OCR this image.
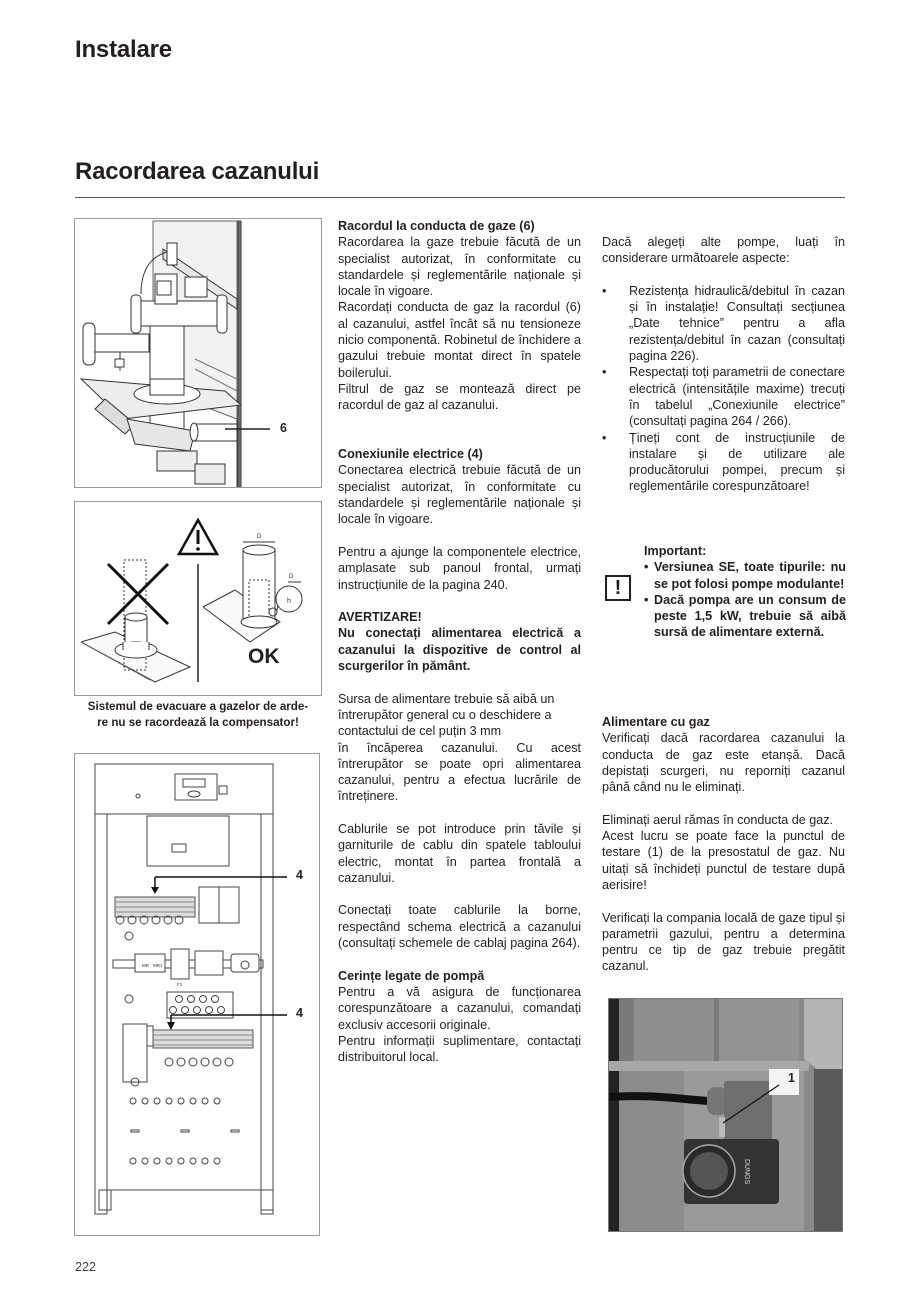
Instalare
Racordarea cazanului
6
D
D
h
OK
Sistemul de evacuare a gazelor de arde-
re nu se racordează la compensator!
MR MR1
F1
4
4

Racordul la conducta de gaze (6)

Racordarea la gaze trebuie făcută de un specialist autorizat, în conformitate cu standardele și reglementările naționale și locale în vigoare.

Racordați conducta de gaz la racordul (6) al cazanului, astfel încât să nu tensioneze nicio componentă. Robinetul de închidere a gazului trebuie montat direct în spatele boilerului.

Filtrul de gaz se montează direct pe racordul de gaz al cazanului.

Conexiunile electrice (4)

Conectarea electrică trebuie făcută de un specialist autorizat, în conformitate cu standardele și reglementările naționale și locale în vigoare.

Pentru a ajunge la componentele electrice, amplasate sub panoul frontal, urmați instrucțiunile de la pagina 240.

AVERTIZARE!

Nu conectați alimentarea electrică a cazanului la dispozitive de control al scurgerilor în pământ.

Sursa de alimentare trebuie să aibă un întrerupător general cu o deschidere a contactului de cel puțin 3 mm

în încăperea cazanului. Cu acest întrerupător se poate opri alimentarea cazanului, pentru a efectua lucrările de întreținere.

Cablurile se pot introduce prin tăvile și garniturile de cablu din spatele tabloului electric, montat în partea frontală a cazanului.

Conectați toate cablurile la borne, respectând schema electrică a cazanului (consultați schemele de cablaj pagina 264).

Cerințe legate de pompă

Pentru a vă asigura de funcționarea corespunzătoare a cazanului, comandați exclusiv accesorii originale.

Pentru informații suplimentare, contactați distribuitorul local.

Dacă alegeți alte pompe, luați în considerare următoarele aspecte:

• Rezistența hidraulică/debitul în cazan și în instalație! Consultați secțiunea „Date tehnice” pentru a afla rezistența/debitul în cazan (consultați pagina 226).
• Respectați toți parametrii de conectare electrică (intensitățile maxime) trecuți în tabelul „Conexiunile electrice” (consultați pagina 264 / 266).
• Țineți cont de instrucțiunile de instalare și de utilizare ale producătorului pompei, precum și reglementările corespunzătoare!
!
Important:
• Versiunea SE, toate tipurile: nu se pot folosi pompe modulante!
• Dacă pompa are un consum de peste 1,5 kW, trebuie să aibă sursă de alimentare externă.

Alimentare cu gaz

Verificați dacă racordarea cazanului la conducta de gaz este etanșă. Dacă depistați scurgeri, nu reporniți cazanul până când nu le eliminați.

Eliminați aerul rămas în conducta de gaz.

Acest lucru se poate face la punctul de testare (1) de la presostatul de gaz. Nu uitați să închideți punctul de testare după aerisire!

Verificați la compania locală de gaze tipul și parametrii gazului, pentru a determina pentru ce tip de gaz trebuie pregătit cazanul.

DUNGS
1
222
